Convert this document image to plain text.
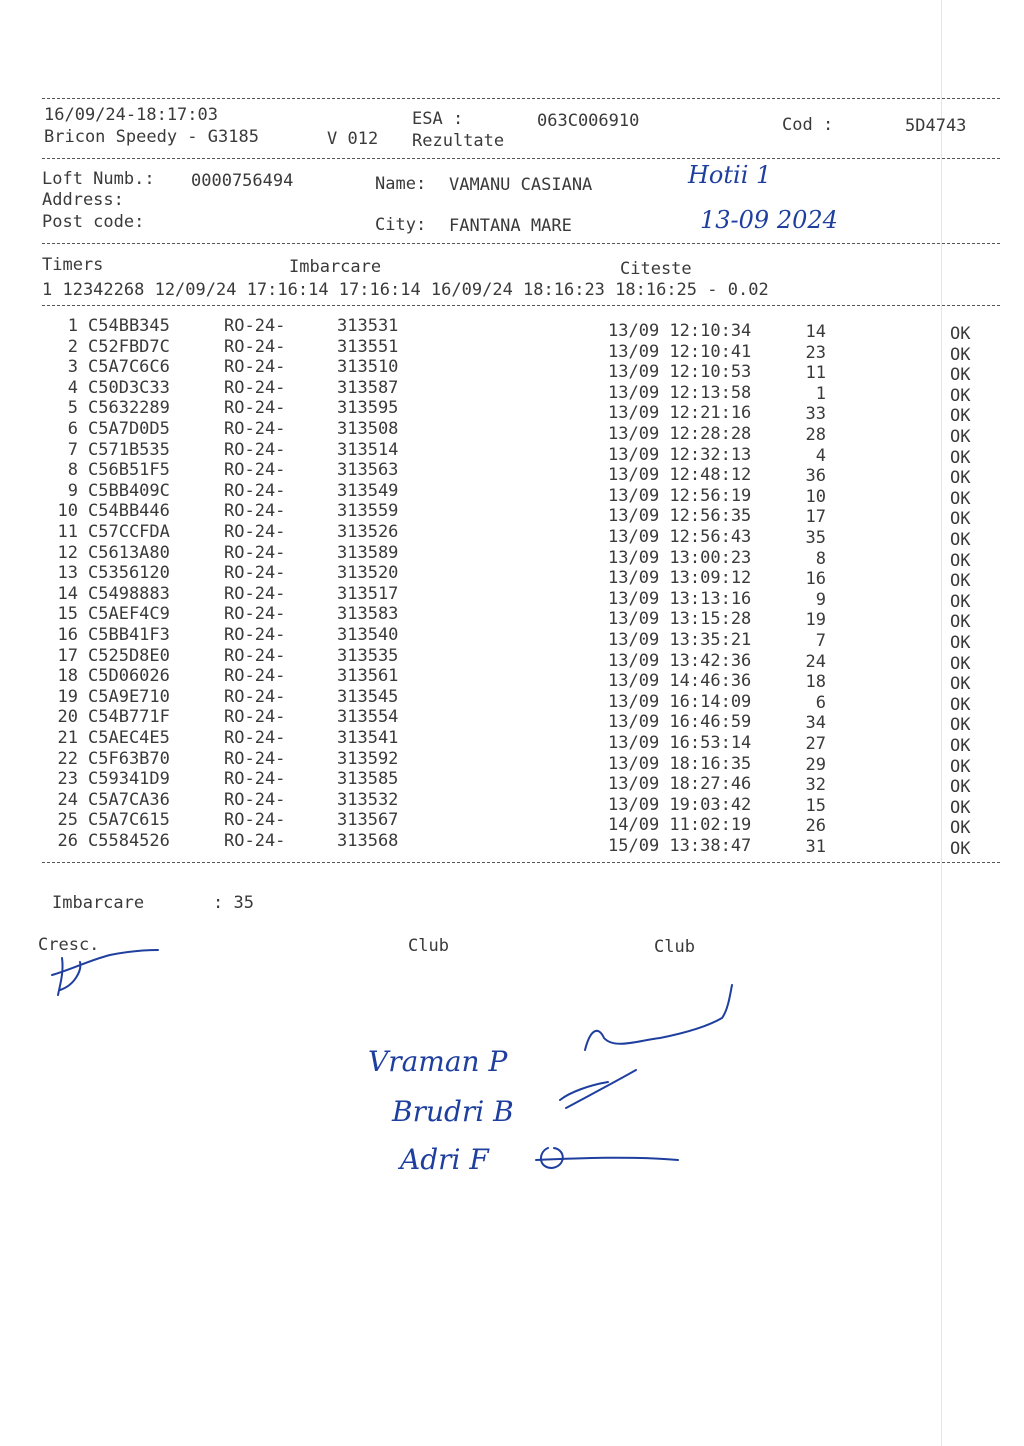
16/09/24-18:17:03	ESA :	063C006910	Cod :	5D4743
Bricon Speedy - G3185	V 012 Rezultate
Loft Numb.: 0000756494	Name: VAMANU CASIANA
Address:
Post code:	City: FANTANA MARE
Timers	Imbarcare	Citeste
1 12342268 12/09/24 17:16:14 17:16:14 16/09/24 18:16:23 18:16:25 - 0.02
1 C54BB345	RO-24-	313531	13/09 12:10:34	14	OK
2 C52FBD7C	RO-24-	313551	13/09 12:10:41	23	OK
3 C5A7C6C6	RO-24-	313510	13/09 12:10:53	11	OK
4 C50D3C33	RO-24-	313587	13/09 12:13:58	1	OK
5 C5632289	RO-24-	313595	13/09 12:21:16	33	OK
6 C5A7D0D5	RO-24-	313508	13/09 12:28:28	28	OK
7 C571B535	RO-24-	313514	13/09 12:32:13	4	OK
8 C56B51F5	RO-24-	313563	13/09 12:48:12	36	OK
9 C5BB409C	RO-24-	313549	13/09 12:56:19	10	OK
10 C54BB446	RO-24-	313559	13/09 12:56:35	17	OK
11 C57CCFDA	RO-24-	313526	13/09 12:56:43	35	OK
12 C5613A80	RO-24-	313589	13/09 13:00:23	8	OK
13 C5356120	RO-24-	313520	13/09 13:09:12	16	OK
14 C5498883	RO-24-	313517	13/09 13:13:16	9	OK
15 C5AEF4C9	RO-24-	313583	13/09 13:15:28	19	OK
16 C5BB41F3	RO-24-	313540	13/09 13:35:21	7	OK
17 C525D8E0	RO-24-	313535	13/09 13:42:36	24	OK
18 C5D06026	RO-24-	313561	13/09 14:46:36	18	OK
19 C5A9E710	RO-24-	313545	13/09 16:14:09	6	OK
20 C54B771F	RO-24-	313554	13/09 16:46:59	34	OK
21 C5AEC4E5	RO-24-	313541	13/09 16:53:14	27	OK
22 C5F63B70	RO-24-	313592	13/09 18:16:35	29	OK
23 C59341D9	RO-24-	313585	13/09 18:27:46	32	OK
24 C5A7CA36	RO-24-	313532	13/09 19:03:42	15	OK
25 C5A7C615	RO-24-	313567	14/09 11:02:19	26	OK
26 C5584526	RO-24-	313568	15/09 13:38:47	31	OK
Imbarcare	: 35
Cresc.	Club	Club
Hotii 1
13-09 2024
Vraman P
Brudri B
Adri F
